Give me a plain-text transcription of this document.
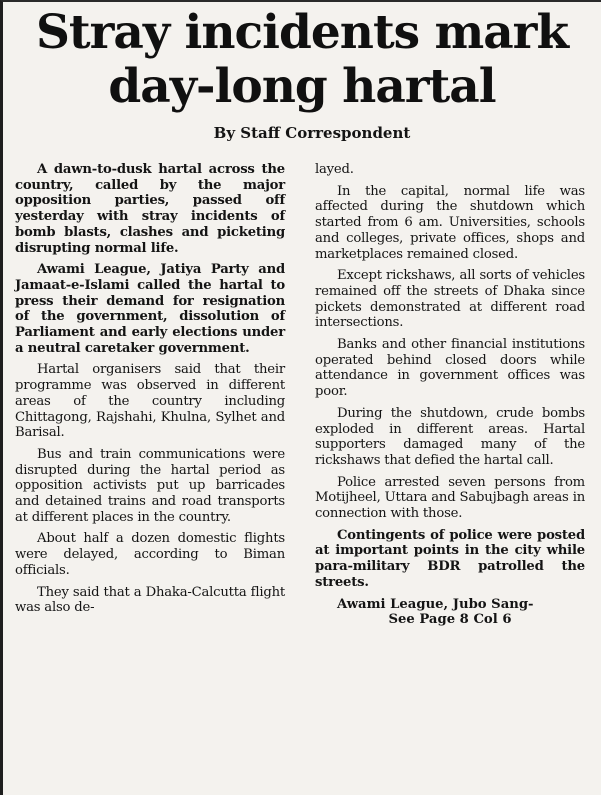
Stray incidents mark
day-long hartal
By Staff Correspondent

A dawn-to-dusk hartal across the country, called by the major opposition parties, passed off yesterday with stray incidents of bomb blasts, clashes and picketing disrupting normal life.

Awami League, Jatiya Party and Jamaat-e-Islami called the hartal to press their demand for resignation of the government, dissolution of Parliament and early elections under a neutral caretaker government.

Hartal organisers said that their programme was observed in different areas of the country including Chittagong, Rajshahi, Khulna, Sylhet and Barisal.

Bus and train communications were disrupted during the hartal period as opposition activists put up barricades and detained trains and road transports at different places in the country.

About half a dozen domestic flights were delayed, according to Biman officials.

They said that a Dhaka-Calcutta flight was also de-

layed.

In the capital, normal life was affected during the shutdown which started from 6 am. Universities, schools and colleges, private offices, shops and marketplaces remained closed.

Except rickshaws, all sorts of vehicles remained off the streets of Dhaka since pickets demonstrated at different road intersections.

Banks and other financial institutions operated behind closed doors while attendance in government offices was poor.

During the shutdown, crude bombs exploded in different areas. Hartal supporters damaged many of the rickshaws that defied the hartal call.

Police arrested seven persons from Motijheel, Uttara and Sabujbagh areas in connection with those.

Contingents of police were posted at important points in the city while para-military BDR patrolled the streets.

Awami League, Jubo Sang-

See Page 8 Col 6
